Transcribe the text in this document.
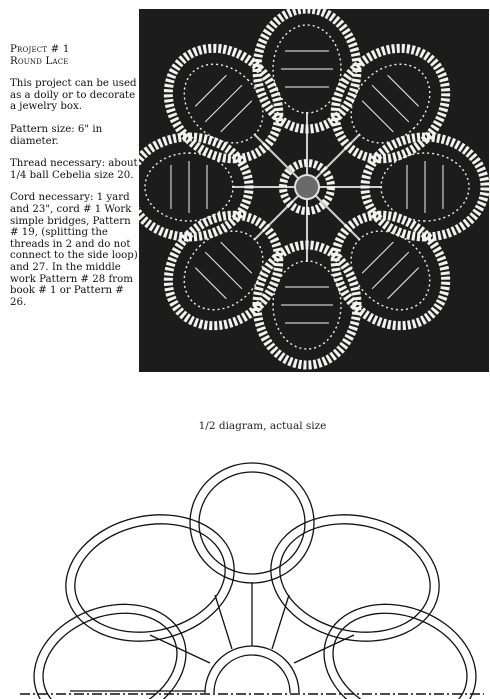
Project # 1
Round Lace

This project can be used as a doily or to decorate a jewelry box.

Pattern size: 6" in diameter.

Thread necessary: about 1/4 ball Cebelia size 20.

Cord necessary: 1 yard and 23", cord # 1 Work simple bridges, Pattern # 19, (splitting the threads in 2 and do not connect to the side loop) and 27. In the middle work Pattern # 28 from book # 1 or Pattern # 26.

1/2 diagram, actual size
